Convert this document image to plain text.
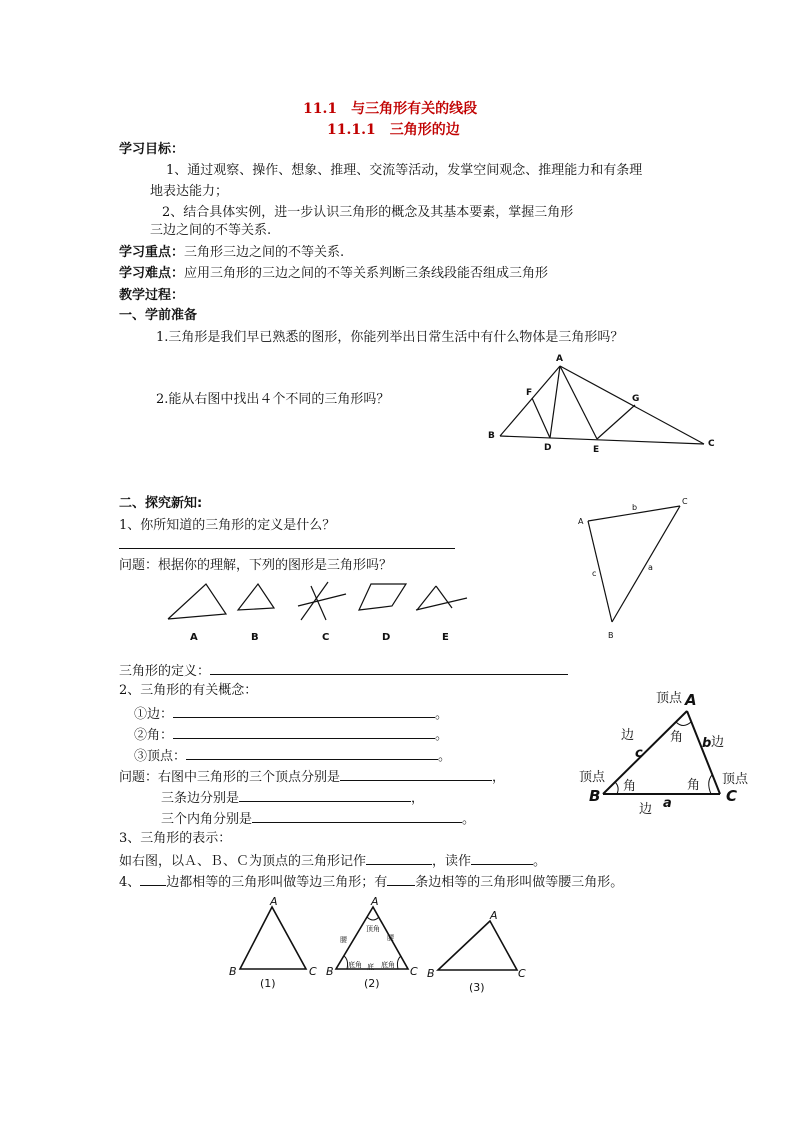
11.1　与三角形有关的线段
11.1.1　三角形的边
学习目标：
1、通过观察、操作、想象、推理、交流等活动，发掌空间观念、推理能力和有条理
地表达能力；
2、结合具体实例，进一步认识三角形的概念及其基本要素，掌握三角形
三边之间的不等关系.
学习重点：三角形三边之间的不等关系.
学习难点：应用三角形的三边之间的不等关系判断三条线段能否组成三角形
教学过程：
一、学前准备
1.三角形是我们早已熟悉的图形，你能列举出日常生活中有什么物体是三角形吗？
2.能从右图中找出４个不同的三角形吗？
A
F
G
B
D	E
C
二、探究新知:
1、你所知道的三角形的定义是什么？
问题：根据你的理解，下列的图形是三角形吗？
A	B	C	D	E
A
b
C
c
a
B
三角形的定义：
2、三角形的有关概念：
①边：	。
②角：	。
③顶点：	。
问题：右图中三角形的三个顶点分别是	，
三条边分别是	，
三个内角分别是	。
顶点
边	边
角
顶点	顶点
角	角
边
A
B	C
c
b
a
3、三角形的表示：
如右图，以Ａ、Ｂ、Ｃ为顶点的三角形记作	，读作	。
4、 边都相等的三角形叫做等边三角形；有 条边相等的三角形叫做等腰三角形。
A
B	C
A
B	C
A
B	C
顶角
腰	腰
底角 底 底角
(1)	(2)	(3)
